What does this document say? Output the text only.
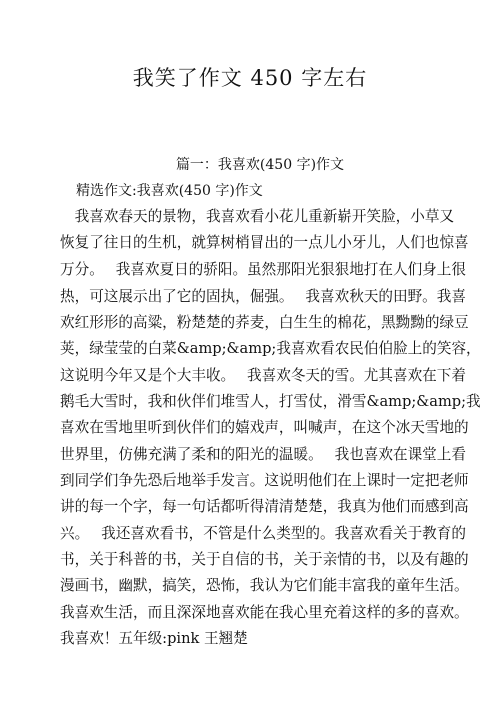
我笑了作文 450 字左右
篇一：我喜欢(450 字)作文
精选作文:我喜欢(450 字)作文
　我喜欢春天的景物，我喜欢看小花儿重新崭开笑脸，小草又
恢复了往日的生机，就算树梢冒出的一点儿小牙儿，人们也惊喜
万分。　 我喜欢夏日的骄阳。虽然那阳光狠狠地打在人们身上很
热，可这展示出了它的固执，倔强。　 我喜欢秋天的田野。我喜
欢红形形的高粱，粉楚楚的荞麦，白生生的棉花，黑黝黝的绿豆
荚，绿莹莹的白菜&amp;&amp;我喜欢看农民伯伯脸上的笑容，
这说明今年又是个大丰收。　 我喜欢冬天的雪。尤其喜欢在下着
鹅毛大雪时，我和伙伴们堆雪人，打雪仗，滑雪&amp;&amp;我
喜欢在雪地里听到伙伴们的嬉戏声，叫喊声，在这个冰天雪地的
世界里，仿佛充满了柔和的阳光的温暖。　 我也喜欢在课堂上看
到同学们争先恐后地举手发言。这说明他们在上课时一定把老师
讲的每一个字，每一句话都听得清清楚楚，我真为他们而感到高
兴。　 我还喜欢看书，不管是什么类型的。我喜欢看关于教育的
书，关于科普的书，关于自信的书，关于亲情的书，以及有趣的
漫画书，幽默，搞笑，恐怖，我认为它们能丰富我的童年生活。
我喜欢生活，而且深深地喜欢能在我心里充着这样的多的喜欢。
我喜欢！五年级:pink 王翘楚
